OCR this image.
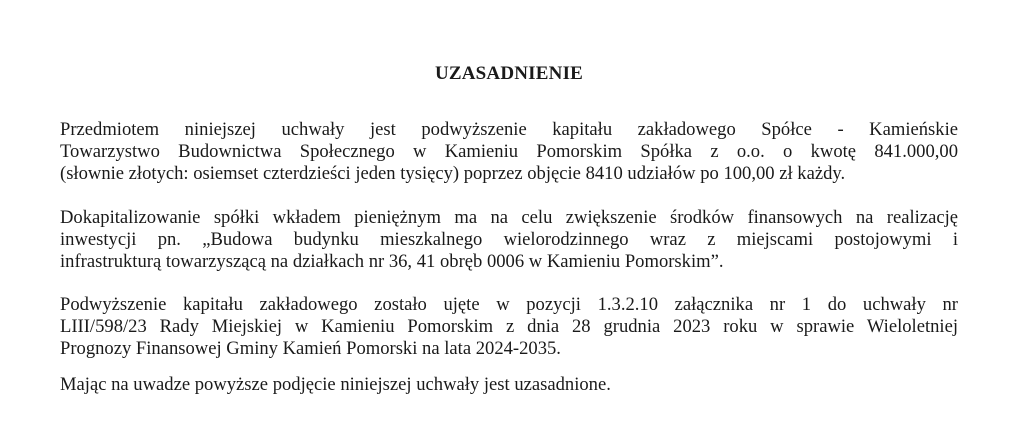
UZASADNIENIE

Przedmiotem niniejszej uchwały jest podwyższenie kapitału zakładowego Spółce - Kamieńskie
Towarzystwo Budownictwa Społecznego w Kamieniu Pomorskim Spółka z o.o. o kwotę 841.000,00
(słownie złotych: osiemset czterdzieści jeden tysięcy) poprzez objęcie 8410 udziałów po 100,00 zł każdy.

Dokapitalizowanie spółki wkładem pieniężnym ma na celu zwiększenie środków finansowych na realizację
inwestycji pn. „Budowa budynku mieszkalnego wielorodzinnego wraz z miejscami postojowymi i
infrastrukturą towarzyszącą na działkach nr 36, 41 obręb 0006 w Kamieniu Pomorskim”.

Podwyższenie kapitału zakładowego zostało ujęte w pozycji 1.3.2.10 załącznika nr 1 do uchwały nr
LIII/598/23 Rady Miejskiej w Kamieniu Pomorskim z dnia 28 grudnia 2023 roku w sprawie Wieloletniej
Prognozy Finansowej Gminy Kamień Pomorski na lata 2024-2035.

Mając na uwadze powyższe podjęcie niniejszej uchwały jest uzasadnione.
